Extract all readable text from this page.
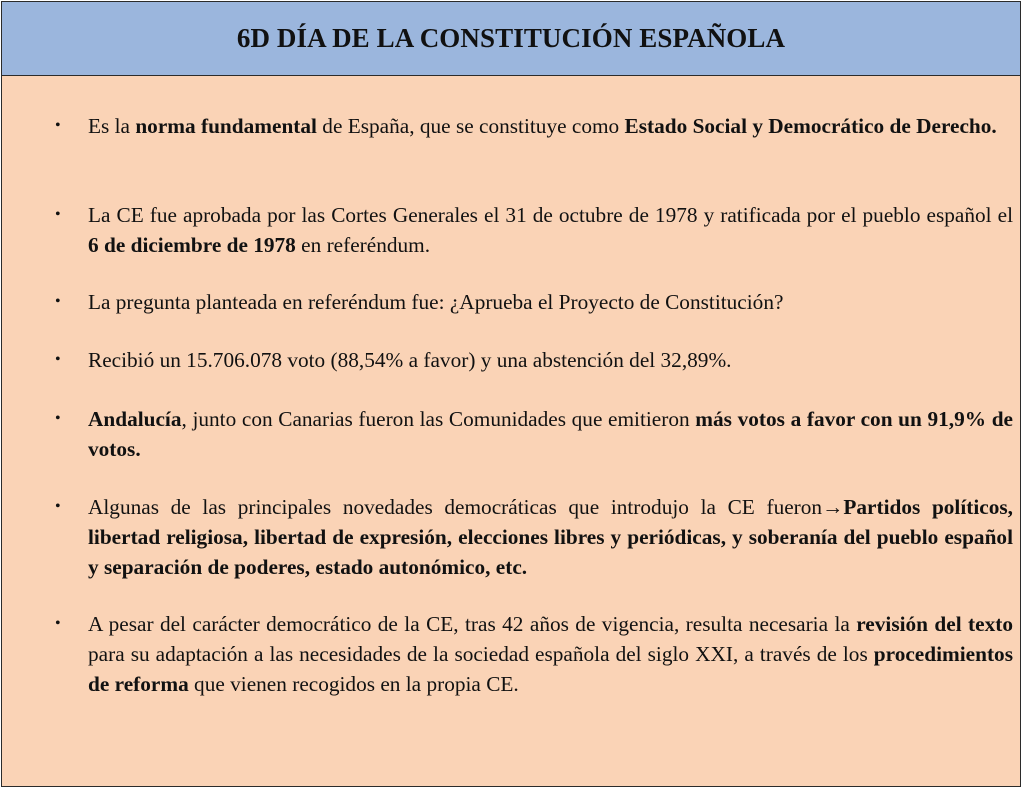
6D DÍA DE LA CONSTITUCIÓN ESPAÑOLA
• Es la norma fundamental de España, que se constituye como Estado Social y Democrático de Derecho.
• La CE fue aprobada por las Cortes Generales el 31 de octubre de 1978 y ratificada por el pueblo español el 6 de diciembre de 1978 en referéndum.
• La pregunta planteada en referéndum fue: ¿Aprueba el Proyecto de Constitución?
• Recibió un 15.706.078 voto (88,54% a favor) y una abstención del 32,89%.
• Andalucía, junto con Canarias fueron las Comunidades que emitieron más votos a favor con un 91,9% de votos.
• Algunas de las principales novedades democráticas que introdujo la CE fueron→Partidos políticos, libertad religiosa, libertad de expresión, elecciones libres y periódicas, y soberanía del pueblo español y separación de poderes, estado autonómico, etc.
• A pesar del carácter democrático de la CE, tras 42 años de vigencia, resulta necesaria la revisión del texto para su adaptación a las necesidades de la sociedad española del siglo XXI, a través de los procedimientos de reforma que vienen recogidos en la propia CE.
